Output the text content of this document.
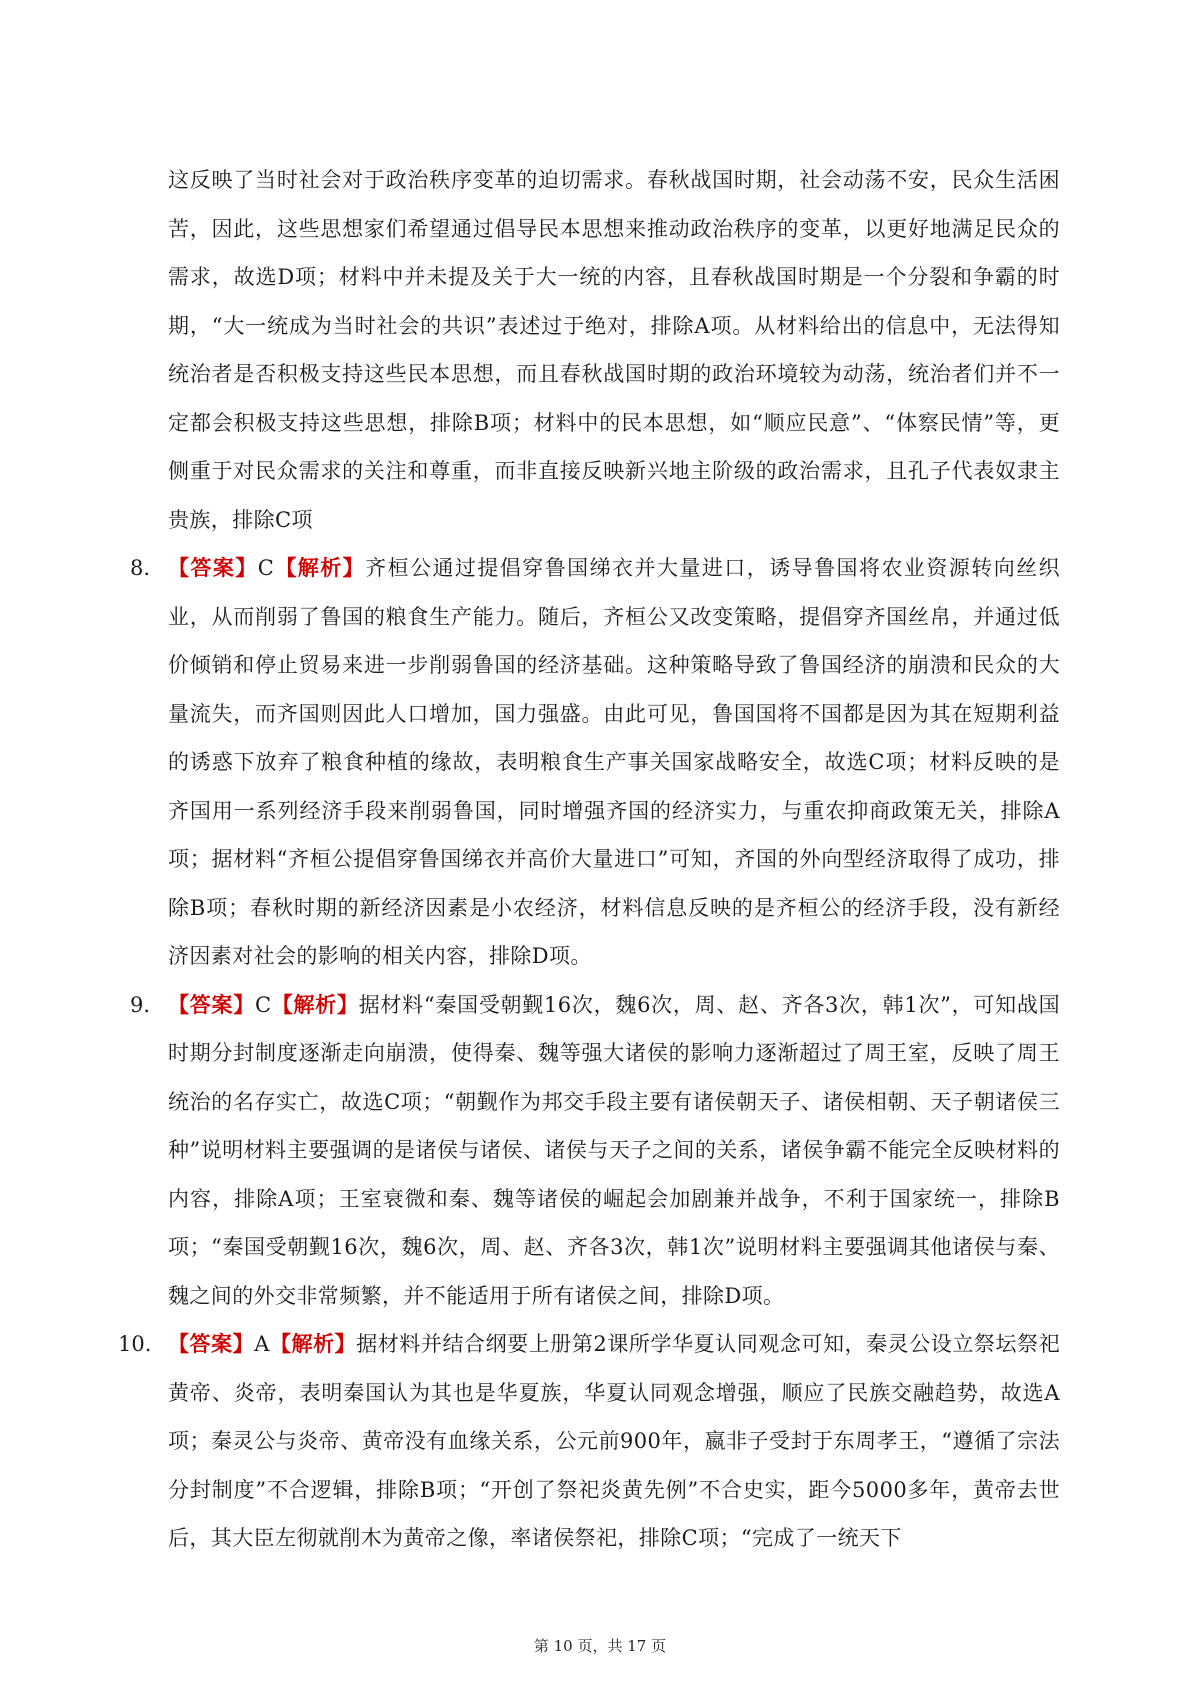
这反映了当时社会对于政治秩序变革的迫切需求。春秋战国时期，社会动荡不安，民众生活困苦，因此，这些思想家们希望通过倡导民本思想来推动政治秩序的变革，以更好地满足民众的需求，故选D项；材料中并未提及关于大一统的内容，且春秋战国时期是一个分裂和争霸的时期，“大一统成为当时社会的共识”表述过于绝对，排除A项。从材料给出的信息中，无法得知统治者是否积极支持这些民本思想，而且春秋战国时期的政治环境较为动荡，统治者们并不一定都会积极支持这些思想，排除B项；材料中的民本思想，如“顺应民意”、“体察民情”等，更侧重于对民众需求的关注和尊重，而非直接反映新兴地主阶级的政治需求，且孔子代表奴隶主贵族，排除C项

8. 【答案】C【解析】齐桓公通过提倡穿鲁国绨衣并大量进口，诱导鲁国将农业资源转向丝织业，从而削弱了鲁国的粮食生产能力。随后，齐桓公又改变策略，提倡穿齐国丝帛，并通过低价倾销和停止贸易来进一步削弱鲁国的经济基础。这种策略导致了鲁国经济的崩溃和民众的大量流失，而齐国则因此人口增加，国力强盛。由此可见，鲁国国将不国都是因为其在短期利益的诱惑下放弃了粮食种植的缘故，表明粮食生产事关国家战略安全，故选C项；材料反映的是齐国用一系列经济手段来削弱鲁国，同时增强齐国的经济实力，与重农抑商政策无关，排除A项；据材料“齐桓公提倡穿鲁国绨衣并高价大量进口”可知，齐国的外向型经济取得了成功，排除B项；春秋时期的新经济因素是小农经济，材料信息反映的是齐桓公的经济手段，没有新经济因素对社会的影响的相关内容，排除D项。

9. 【答案】C【解析】据材料“秦国受朝觐16次，魏6次，周、赵、齐各3次，韩1次”，可知战国时期分封制度逐渐走向崩溃，使得秦、魏等强大诸侯的影响力逐渐超过了周王室，反映了周王统治的名存实亡，故选C项；“朝觐作为邦交手段主要有诸侯朝天子、诸侯相朝、天子朝诸侯三种”说明材料主要强调的是诸侯与诸侯、诸侯与天子之间的关系，诸侯争霸不能完全反映材料的内容，排除A项；王室衰微和秦、魏等诸侯的崛起会加剧兼并战争，不利于国家统一，排除B项；“秦国受朝觐16次，魏6次，周、赵、齐各3次，韩1次”说明材料主要强调其他诸侯与秦、魏之间的外交非常频繁，并不能适用于所有诸侯之间，排除D项。

10. 【答案】A【解析】据材料并结合纲要上册第2课所学华夏认同观念可知，秦灵公设立祭坛祭祀黄帝、炎帝，表明秦国认为其也是华夏族，华夏认同观念增强，顺应了民族交融趋势，故选A项；秦灵公与炎帝、黄帝没有血缘关系，公元前900年，嬴非子受封于东周孝王，“遵循了宗法分封制度”不合逻辑，排除B项；“开创了祭祀炎黄先例”不合史实，距今5000多年，黄帝去世后，其大臣左彻就削木为黄帝之像，率诸侯祭祀，排除C项；“完成了一统天下

第 10 页，共 17 页
